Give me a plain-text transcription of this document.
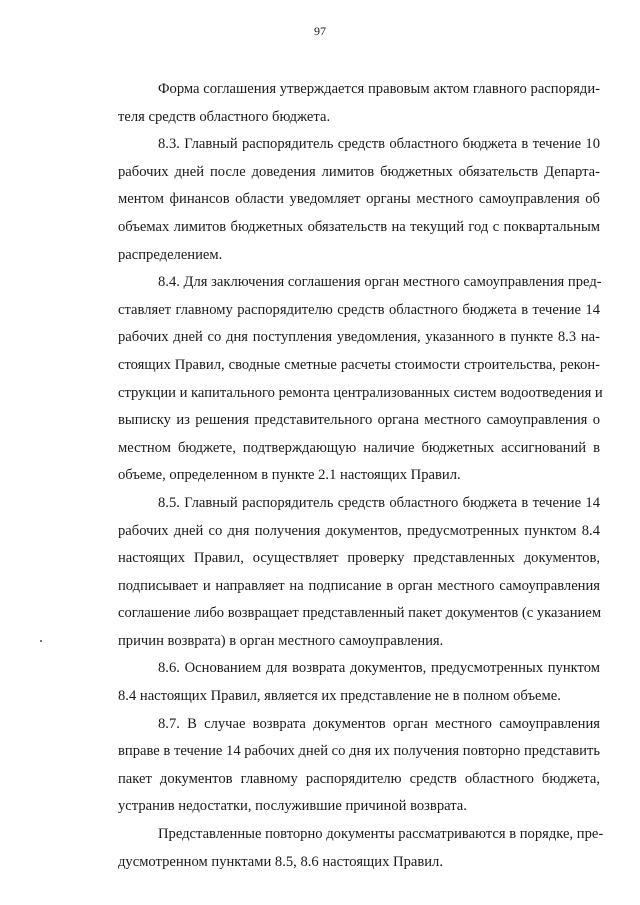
97
Форма соглашения утверждается правовым актом главного распоряди-
теля средств областного бюджета.
8.3. Главный распорядитель средств областного бюджета в течение 10
рабочих дней после доведения лимитов бюджетных обязательств Департа-
ментом финансов области уведомляет органы местного самоуправления об
объемах лимитов бюджетных обязательств на текущий год с поквартальным
распределением.
8.4. Для заключения соглашения орган местного самоуправления пред-
ставляет главному распорядителю средств областного бюджета в течение 14
рабочих дней со дня поступления уведомления, указанного в пункте 8.3 на-
стоящих Правил, сводные сметные расчеты стоимости строительства, рекон-
струкции и капитального ремонта централизованных систем водоотведения и
выписку из решения представительного органа местного самоуправления о
местном бюджете, подтверждающую наличие бюджетных ассигнований в
объеме, определенном в пункте 2.1 настоящих Правил.
8.5. Главный распорядитель средств областного бюджета в течение 14
рабочих дней со дня получения документов, предусмотренных пунктом 8.4
настоящих Правил, осуществляет проверку представленных документов,
подписывает и направляет на подписание в орган местного самоуправления
соглашение либо возвращает представленный пакет документов (с указанием
причин возврата) в орган местного самоуправления.
8.6. Основанием для возврата документов, предусмотренных пунктом
8.4 настоящих Правил, является их представление не в полном объеме.
8.7. В случае возврата документов орган местного самоуправления
вправе в течение 14 рабочих дней со дня их получения повторно представить
пакет документов главному распорядителю средств областного бюджета,
устранив недостатки, послужившие причиной возврата.
Представленные повторно документы рассматриваются в порядке, пре-
дусмотренном пунктами 8.5, 8.6 настоящих Правил.
